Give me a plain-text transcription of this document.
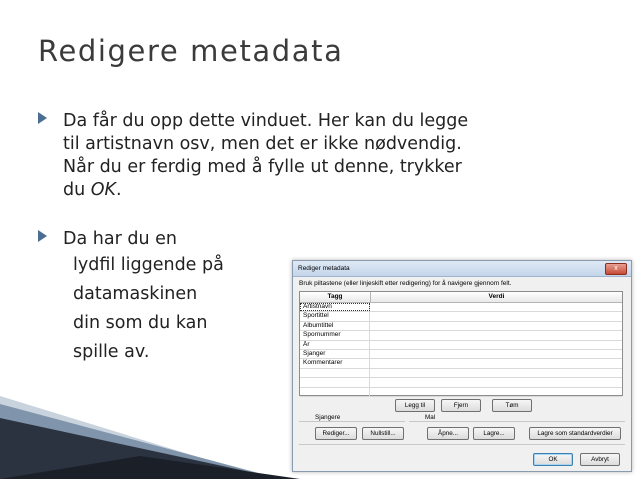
Redigere metadata
Da får du opp dette vinduet. Her kan du legge
til artistnavn osv, men det er ikke nødvendig.
Når du er ferdig med å fylle ut denne, trykker
du OK.
Da har du en
lydfil liggende på
datamaskinen
din som du kan
spille av.
Rediger metadata	x
Bruk piltastene (eller linjeskift etter redigering) for å navigere gjennom felt.
Tagg	Verdi
Artistnavn
Sportittel
Albumtittel
Spornummer
År
Sjanger
Kommentarer
Legg til	Fjern	Tøm
Sjangere	Mal
Rediger...	Nullstill...	Åpne...	Lagre...	Lagre som standardverdier
OK	Avbryt
